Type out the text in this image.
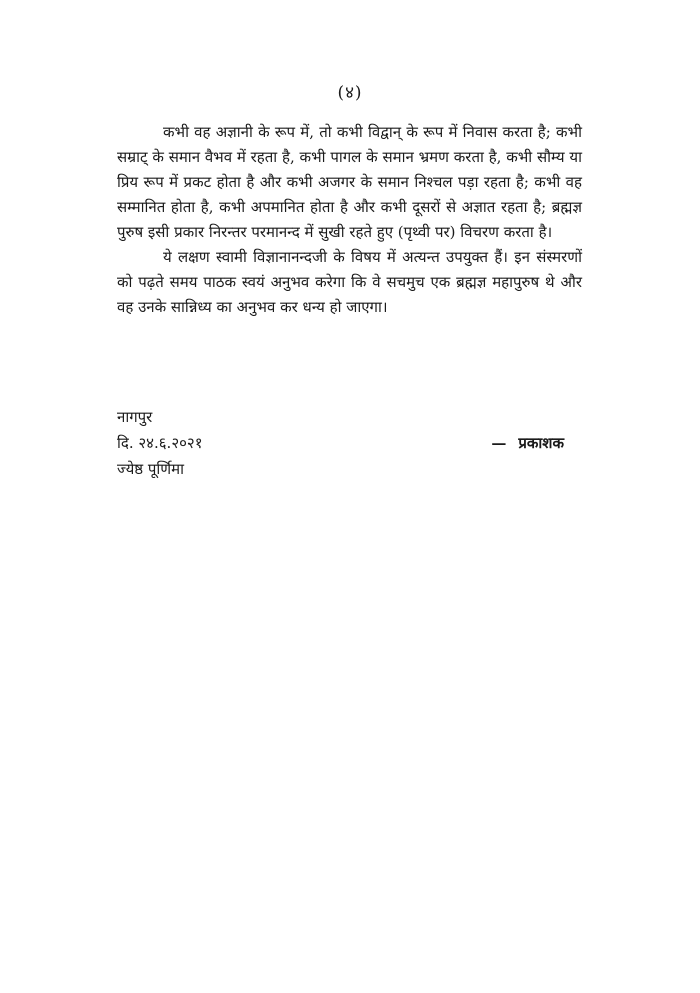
(४)

कभी वह अज्ञानी के रूप में, तो कभी विद्वान् के रूप में निवास करता है; कभी सम्राट् के समान वैभव में रहता है, कभी पागल के समान भ्रमण करता है, कभी सौम्य या प्रिय रूप में प्रकट होता है और कभी अजगर के समान निश्चल पड़ा रहता है; कभी वह सम्मानित होता है, कभी अपमानित होता है और कभी दूसरों से अज्ञात रहता है; ब्रह्मज्ञ पुरुष इसी प्रकार निरन्तर परमानन्द में सुखी रहते हुए (पृथ्वी पर) विचरण करता है।

ये लक्षण स्वामी विज्ञानानन्दजी के विषय में अत्यन्त उपयुक्त हैं। इन संस्मरणों को पढ़ते समय पाठक स्वयं अनुभव करेगा कि वे सचमुच एक ब्रह्मज्ञ महापुरुष थे और वह उनके सान्निध्य का अनुभव कर धन्य हो जाएगा।

नागपुर
दि. २४.६.२०२१	— प्रकाशक
ज्येष्ठ पूर्णिमा
